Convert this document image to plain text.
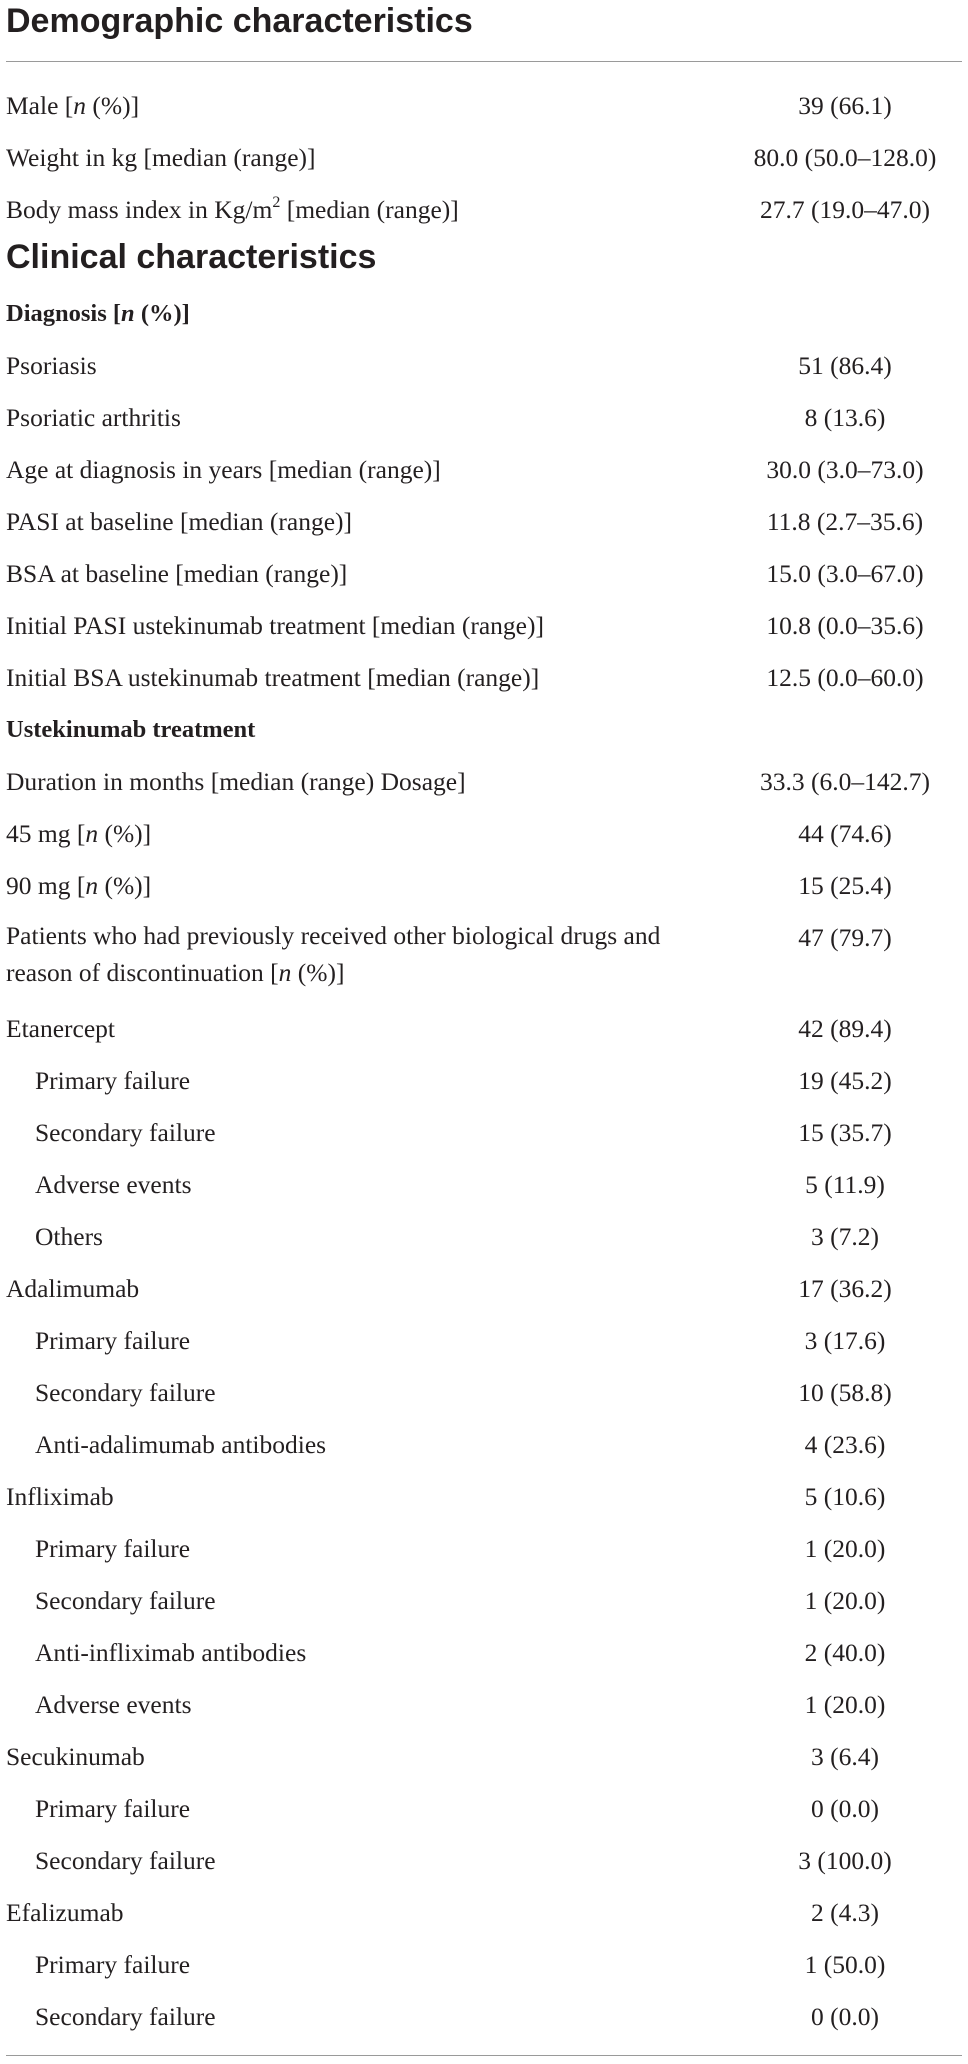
Demographic characteristics
Male [n (%)]	39 (66.1)
Weight in kg [median (range)]	80.0 (50.0–128.0)
Body mass index in $Kg/m^2$ [median (range)]	27.7 (19.0–47.0)
Clinical characteristics
Diagnosis [n (%)]
Psoriasis	51 (86.4)
Psoriatic arthritis	8 (13.6)
Age at diagnosis in years [median (range)]	30.0 (3.0–73.0)
PASI at baseline [median (range)]	11.8 (2.7–35.6)
BSA at baseline [median (range)]	15.0 (3.0–67.0)
Initial PASI ustekinumab treatment [median (range)]	10.8 (0.0–35.6)
Initial BSA ustekinumab treatment [median (range)]	12.5 (0.0–60.0)
Ustekinumab treatment
Duration in months [median (range) Dosage]	33.3 (6.0–142.7)
45 mg [n (%)]	44 (74.6)
90 mg [n (%)]	15 (25.4)
Patients who had previously received other biological drugs and reason of discontinuation [n (%)]
47 (79.7)
Etanercept	42 (89.4)
Primary failure	19 (45.2)
Secondary failure	15 (35.7)
Adverse events	5 (11.9)
Others	3 (7.2)
Adalimumab	17 (36.2)
Primary failure	3 (17.6)
Secondary failure	10 (58.8)
Anti-adalimumab antibodies	4 (23.6)
Infliximab	5 (10.6)
Primary failure	1 (20.0)
Secondary failure	1 (20.0)
Anti-infliximab antibodies	2 (40.0)
Adverse events	1 (20.0)
Secukinumab	3 (6.4)
Primary failure	0 (0.0)
Secondary failure	3 (100.0)
Efalizumab	2 (4.3)
Primary failure	1 (50.0)
Secondary failure	0 (0.0)
